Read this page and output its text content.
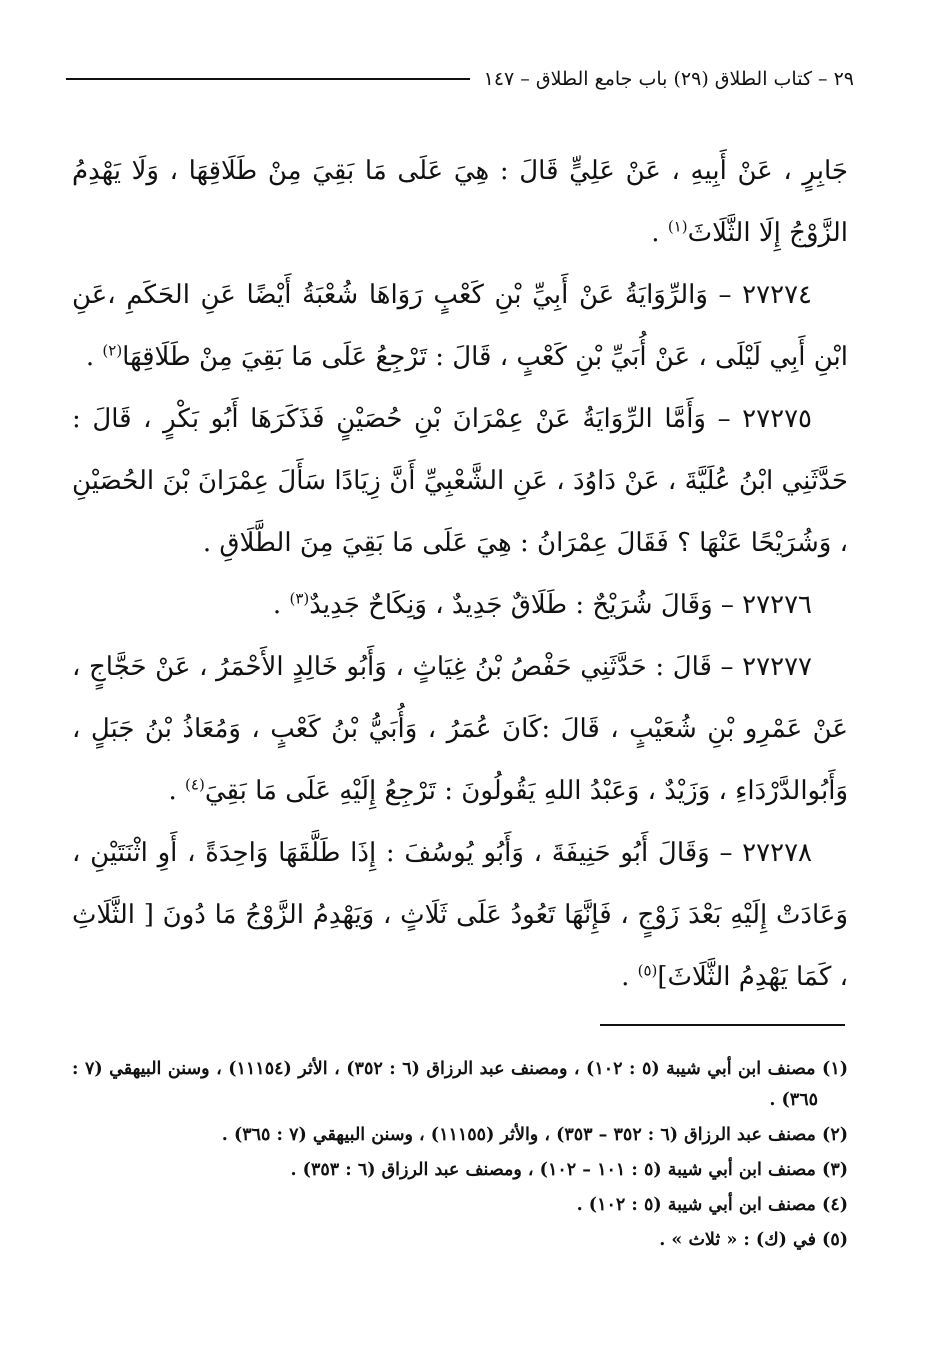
٢٩ – كتاب الطلاق (٢٩) باب جامع الطلاق – ١٤٧

جَابِرٍ ، عَنْ أَبِيهِ ، عَنْ عَلِيٍّ قَالَ : هِيَ عَلَى مَا بَقِيَ مِنْ طَلَاقِهَا ، وَلَا يَهْدِمُ الزَّوْجُ إِلَا الثَّلَاثَ$^{(١)}$ .

٢٧٢٧٤ – وَالرِّوَايَةُ عَنْ أَبِيِّ بْنِ كَعْبٍ رَوَاهَا شُعْبَةُ أَيْضًا عَنِ الحَكَمِ ،عَنِ ابْنِ أَبِي لَيْلَى ، عَنْ أُبَيِّ بْنِ كَعْبٍ ، قَالَ : تَرْجِعُ عَلَى مَا بَقِيَ مِنْ طَلَاقِهَا$^{(٢)}$ .

٢٧٢٧٥ – وَأَمَّا الرِّوَايَةُ عَنْ عِمْرَانَ بْنِ حُصَيْنٍ فَذَكَرَهَا أَبُو بَكْرٍ ، قَالَ : حَدَّثَنِي ابْنُ عُلَيَّةَ ، عَنْ دَاوُدَ ، عَنِ الشَّعْبِيِّ أَنَّ زِيَادًا سَأَلَ عِمْرَانَ بْنَ الحُصَيْنِ ، وَشُرَيْحًا عَنْهَا ؟ فَقَالَ عِمْرَانُ : هِيَ عَلَى مَا بَقِيَ مِنَ الطَّلَاقِ .

٢٧٢٧٦ – وَقَالَ شُرَيْحٌ : طَلَاقٌ جَدِيدٌ ، وَنِكَاحٌ جَدِيدٌ$^{(٣)}$ .

٢٧٢٧٧ – قَالَ : حَدَّثَنِي حَفْصُ بْنُ غِيَاثٍ ، وَأَبُو خَالِدٍ الأَحْمَرُ ، عَنْ حَجَّاجٍ ، عَنْ عَمْرِو بْنِ شُعَيْبٍ ، قَالَ :كَانَ عُمَرُ ، وَأُبَيُّ بْنُ كَعْبٍ ، وَمُعَاذُ بْنُ جَبَلٍ ، وَأَبُوالدَّرْدَاءِ ، وَزَيْدٌ ، وَعَبْدُ اللهِ يَقُولُونَ : تَرْجِعُ إِلَيْهِ عَلَى مَا بَقِيَ$^{(٤)}$ .

٢٧٢٧٨ – وَقَالَ أَبُو حَنِيفَةَ ، وَأَبُو يُوسُفَ : إِذَا طَلَّقَهَا وَاحِدَةً ، أَوِ اثْنَتَيْنِ ، وَعَادَتْ إِلَيْهِ بَعْدَ زَوْجٍ ، فَإِنَّهَا تَعُودُ عَلَى ثَلَاثٍ ، وَيَهْدِمُ الزَّوْجُ مَا دُونَ [ الثَّلَاثِ ، كَمَا يَهْدِمُ الثَّلَاثَ]$^{(٥)}$ .

(١) مصنف ابن أبي شيبة (٥ : ١٠٢) ، ومصنف عبد الرزاق (٦ : ٣٥٢) ، الأثر (١١١٥٤) ، وسنن البيهقي (٧ : ٣٦٥) .

(٢) مصنف عبد الرزاق (٦ : ٣٥٢ – ٣٥٣) ، والأثر (١١١٥٥) ، وسنن البيهقي (٧ : ٣٦٥) .

(٣) مصنف ابن أبي شيبة (٥ : ١٠١ – ١٠٢) ، ومصنف عبد الرزاق (٦ : ٣٥٣) .

(٤) مصنف ابن أبي شيبة (٥ : ١٠٢) .

(٥) في (ك) : « ثلاث » .
